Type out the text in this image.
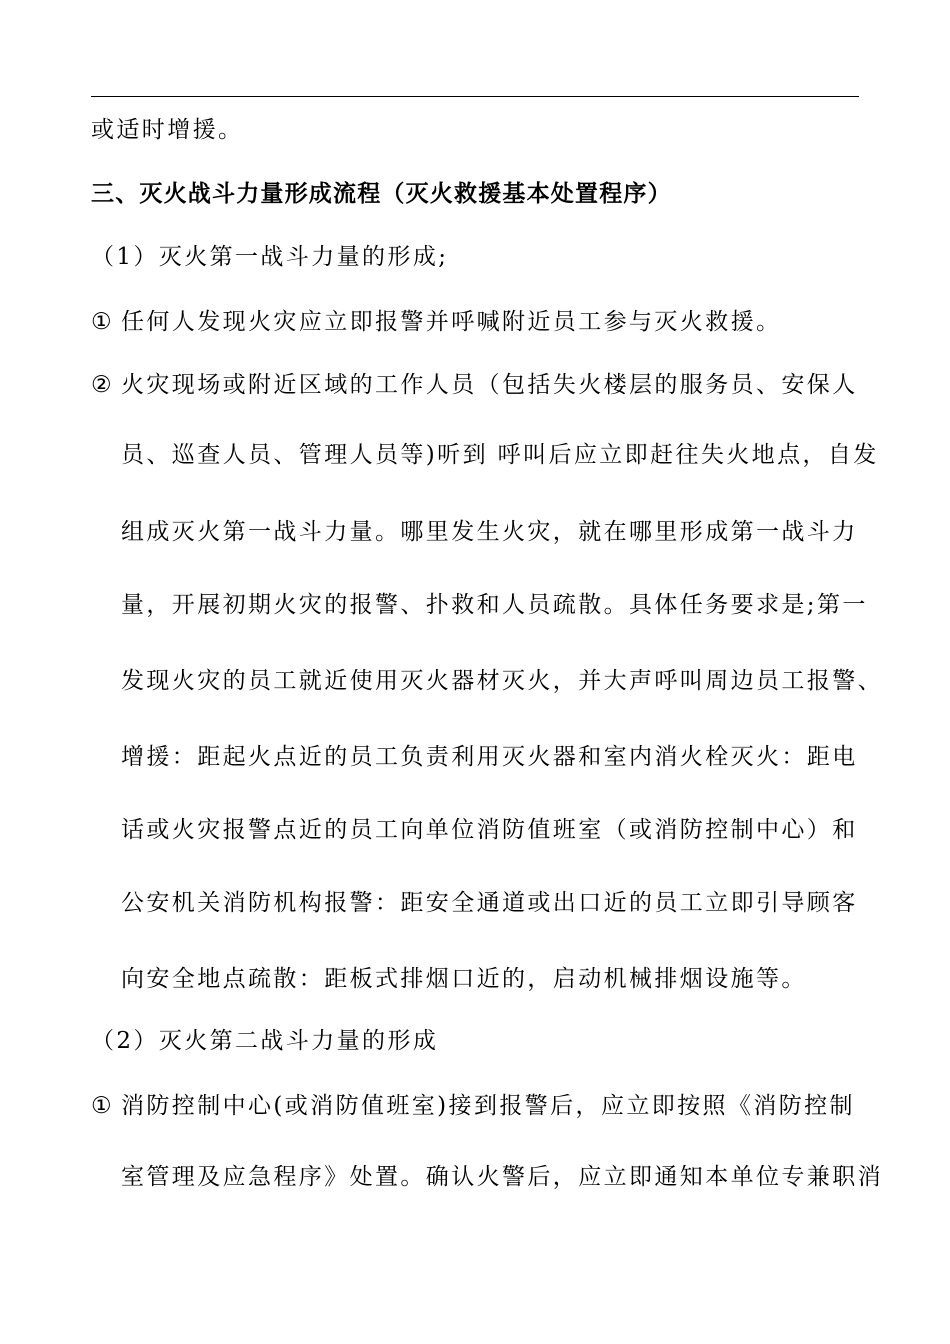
或适时增援。
三、灭火战斗力量形成流程（灭火救援基本处置程序）
（1）灭火第一战斗力量的形成;
① 任何人发现火灾应立即报警并呼喊附近员工参与灭火救援。
② 火灾现场或附近区域的工作人员（包括失火楼层的服务员、安保人
员、巡查人员、管理人员等)听到 呼叫后应立即赶往失火地点，自发
组成灭火第一战斗力量。哪里发生火灾，就在哪里形成第一战斗力
量，开展初期火灾的报警、扑救和人员疏散。具体任务要求是;第一
发现火灾的员工就近使用灭火器材灭火，并大声呼叫周边员工报警、
增援：距起火点近的员工负责利用灭火器和室内消火栓灭火：距电
话或火灾报警点近的员工向单位消防值班室（或消防控制中心）和
公安机关消防机构报警：距安全通道或出口近的员工立即引导顾客
向安全地点疏散：距板式排烟口近的，启动机械排烟设施等。
（2）灭火第二战斗力量的形成
① 消防控制中心(或消防值班室)接到报警后，应立即按照《消防控制
室管理及应急程序》处置。确认火警后，应立即通知本单位专兼职消
